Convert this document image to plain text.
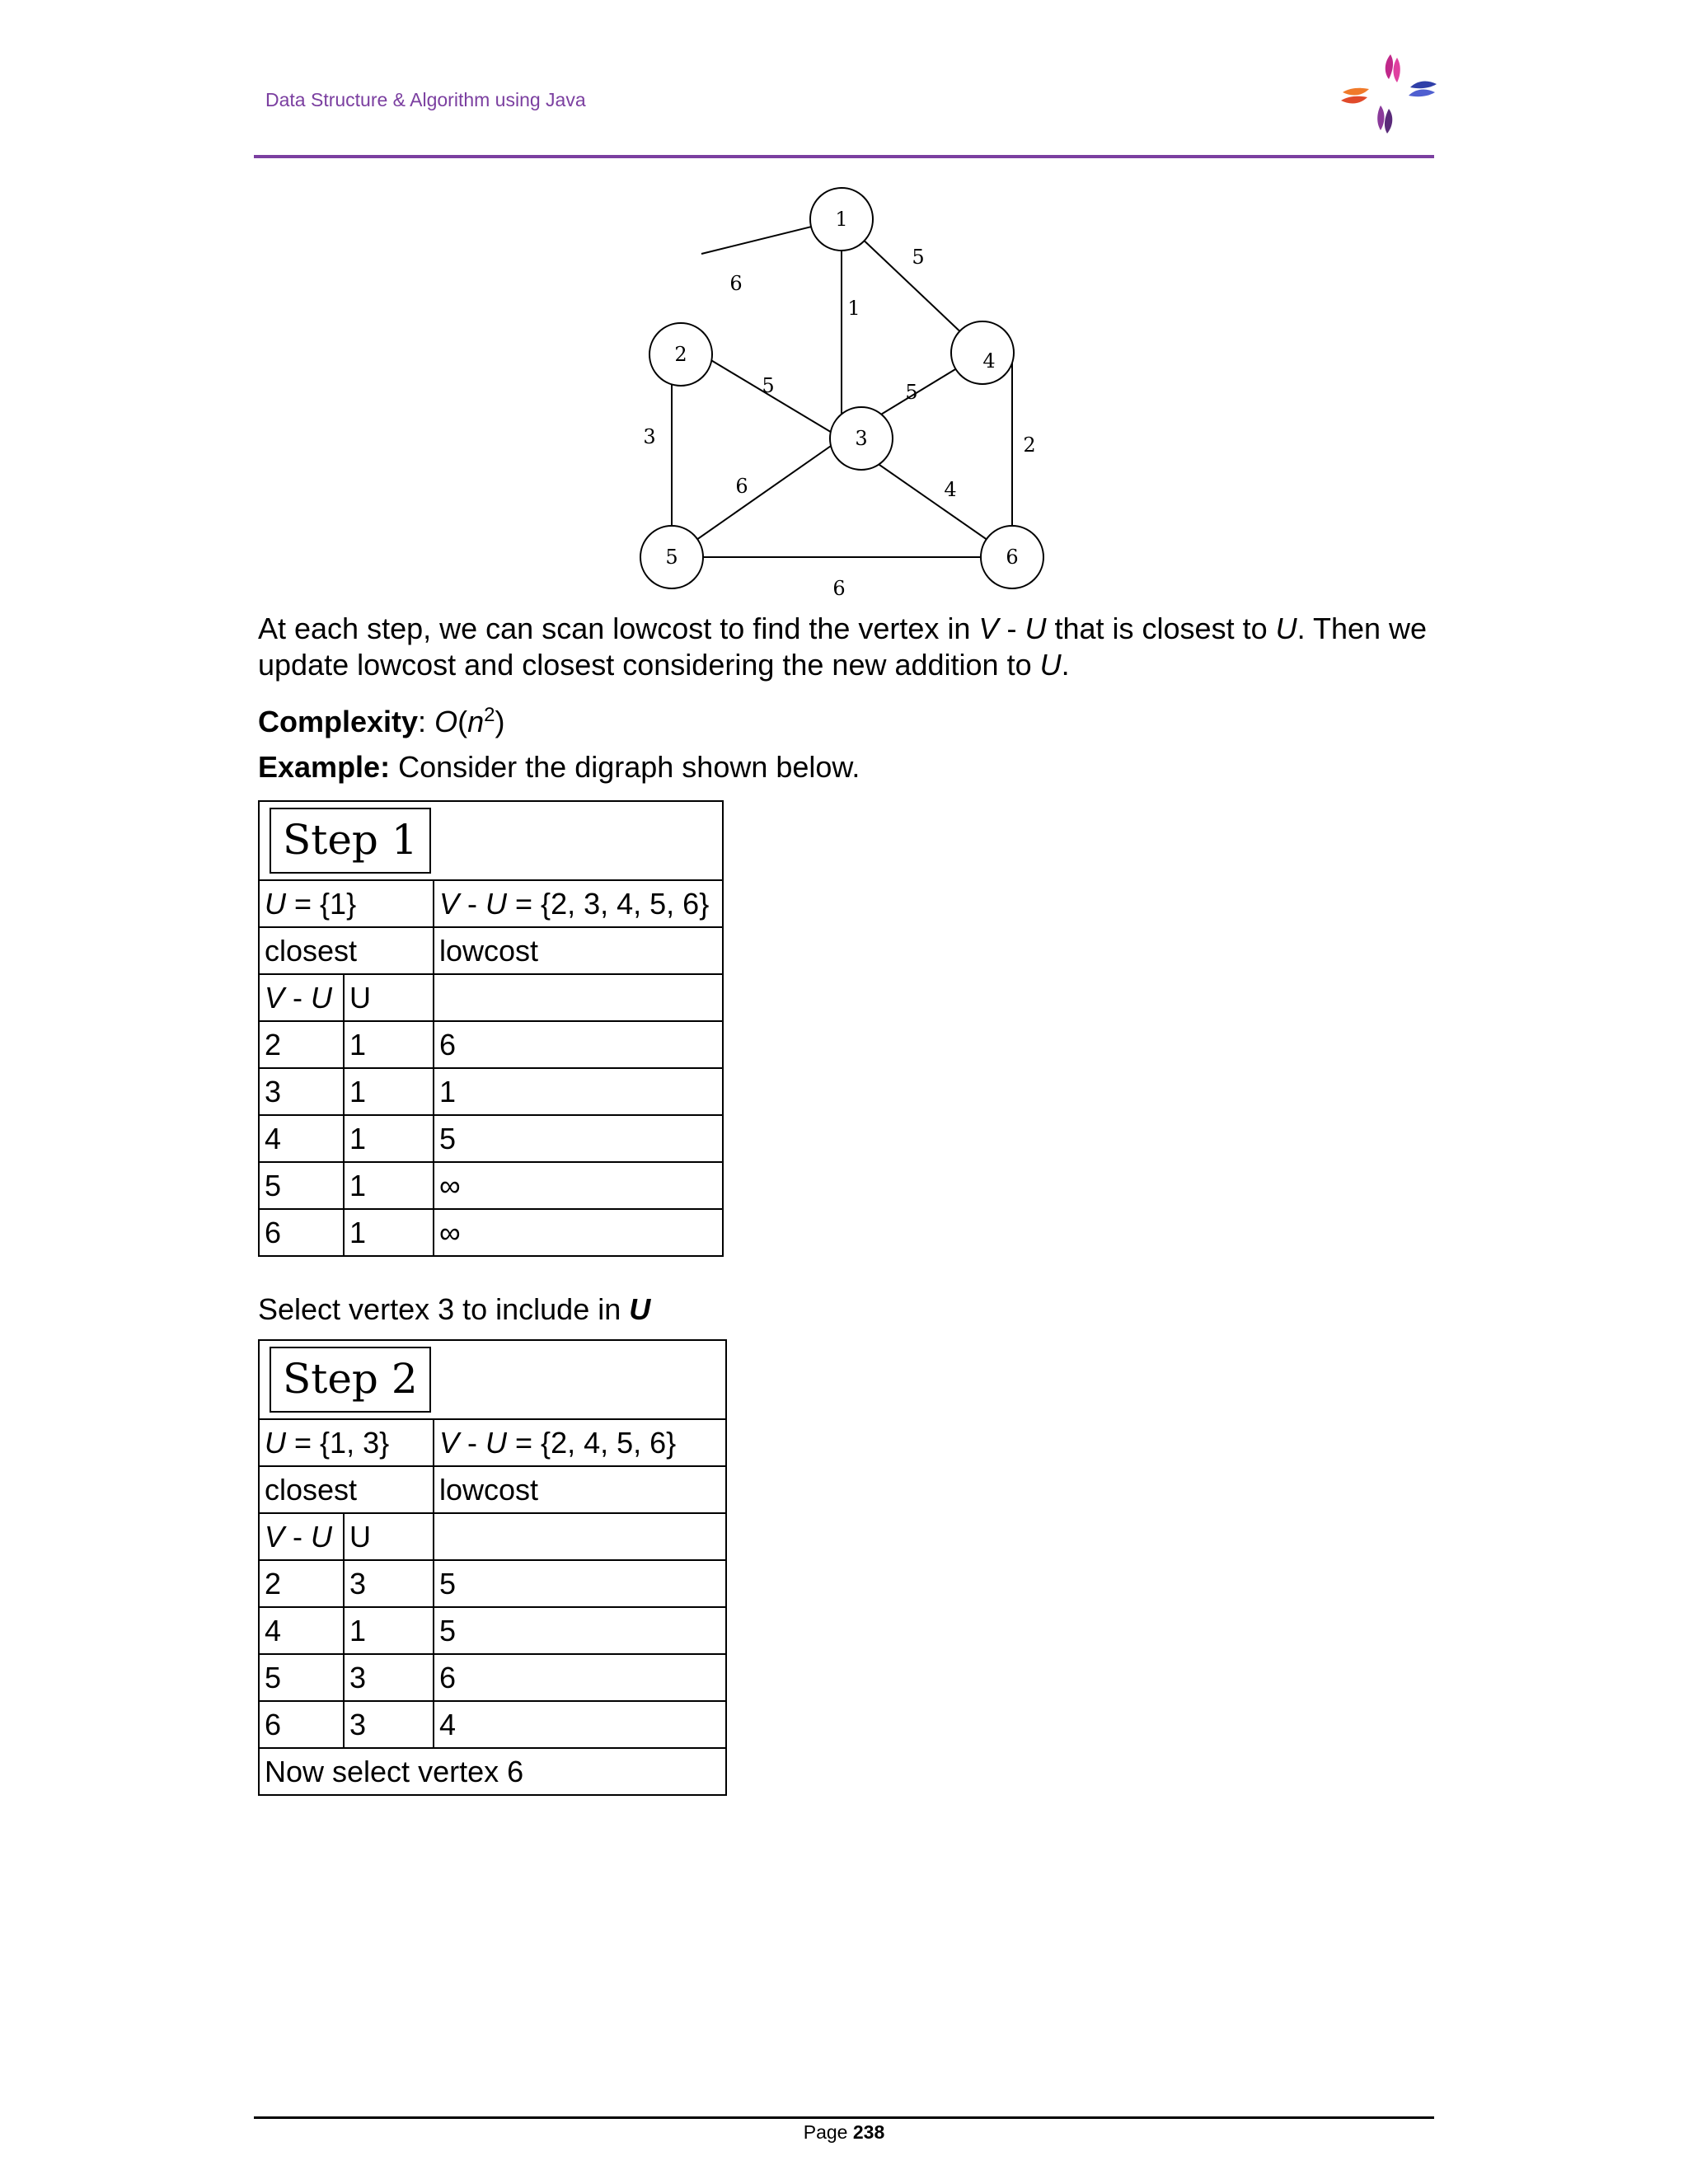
Data Structure & Algorithm using Java
1
2
3
4
5	6
6
5
1
5	5
3	2
6	4
6
At each step, we can scan lowcost to find the vertex in V - U that is closest to U. Then we update lowcost and closest considering the new addition to U.
Complexity: $O(n^2)$
Example: Consider the digraph shown below.
Step 1		
U = {1}		V - U = {2, 3, 4, 5, 6}
closest		lowcost
V - U	U	
2	1	6
3	1	1
4	1	5
5	1	∞
6	1	∞
Select vertex 3 to include in U
Step 2		
U = {1, 3}		V - U = {2, 4, 5, 6}
closest		lowcost
V - U	U	
2	3	5
4	1	5
5	3	6
6	3	4
Now select vertex 6		
Page 238
